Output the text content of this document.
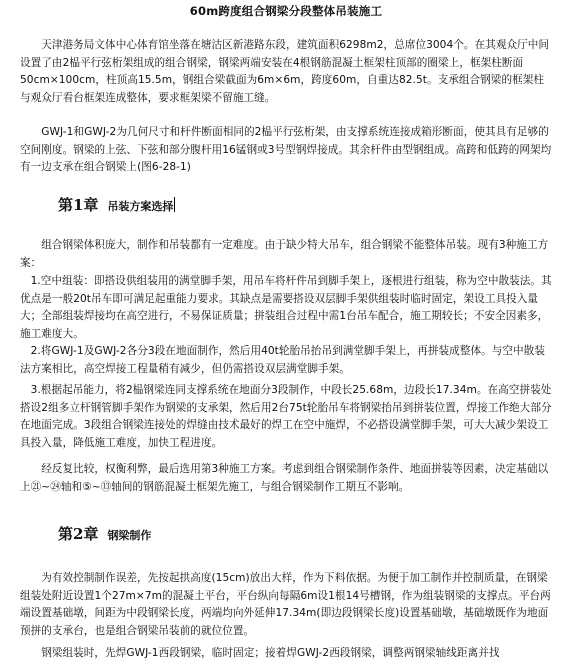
60m跨度组合钢梁分段整体吊装施工

天津港务局文体中心体育馆坐落在塘沽区新港路东段，建筑面积6298m2，总席位3004个。在其观众厅中间设置了由2榀平行弦桁架组成的组合钢梁，钢梁两端安装在4根钢筋混凝土框架柱顶部的圈梁上，框架柱断面50cm×100cm，柱顶高15.5m，钢组合梁截面为6m×6m，跨度60m，自重达82.5t。支承组合钢梁的框架柱与观众厅看台框架连成整体，要求框架梁不留施工缝。

GWJ-1和GWJ-2为几何尺寸和杆件断面相同的2榀平行弦桁架，由支撑系统连接成箱形断面，使其具有足够的空间刚度。钢梁的上弦、下弦和部分腹杆用16锰钢或3号型钢焊接成。其余杆件由型钢组成。高跨和低跨的网架均有一边支承在组合钢梁上(图6-28-1)

第1章 吊装方案选择

组合钢梁体积庞大，制作和吊装都有一定难度。由于缺少特大吊车，组合钢梁不能整体吊装。现有3种施工方案：

1.空中组装：即搭设供组装用的满堂脚手架，用吊车将杆件吊到脚手架上，逐根进行组装，称为空中散装法。其优点是一般20t吊车即可满足起重能力要求。其缺点是需要搭设双层脚手架供组装时临时固定，架设工具投入量大；全部组装焊接均在高空进行，不易保证质量；拼装组合过程中需1台吊车配合，施工期较长；不安全因素多，施工难度大。

2.将GWJ-1及GWJ-2各分3段在地面制作，然后用40t轮胎吊抬吊到满堂脚手架上，再拼装成整体。与空中散装法方案相比，高空焊接工程量稍有减少，但仍需搭设双层满堂脚手架。

3.根据起吊能力，将2榀钢梁连同支撑系统在地面分3段制作，中段长25.68m，边段长17.34m。在高空拼装处搭设2组多立杆钢管脚手架作为钢梁的支承架，然后用2台75t轮胎吊车将钢梁抬吊到拼装位置，焊接工作绝大部分在地面完成。3段组合钢梁连接处的焊缝由技术最好的焊工在空中施焊，不必搭设满堂脚手架，可大大减少架设工具投入量，降低施工难度，加快工程进度。

经反复比较，权衡利弊，最后选用第3种施工方案。考虑到组合钢梁制作条件、地面拼装等因素，决定基础以上㉑~㉔轴和⑤~⑬轴间的钢筋混凝土框架先施工，与组合钢梁制作工期互不影响。

第2章 钢梁制作

为有效控制制作误差，先按起拱高度(15cm)放出大样，作为下料依据。为便于加工制作并控制质量，在钢梁组装处附近设置1个27m×7m的混凝土平台，平台纵向每隔6m设1根14号槽钢，作为组装钢梁的支撑点。平台两端设置基础墩，间距为中段钢梁长度，两端均向外延伸17.34m(即边段钢梁长度)设置基础墩，基础墩既作为地面预拼的支承台，也是组合钢梁吊装前的就位位置。

钢梁组装时，先焊GWJ-1西段钢梁，临时固定；接着焊GWJ-2西段钢梁，调整两钢梁轴线距离并找
